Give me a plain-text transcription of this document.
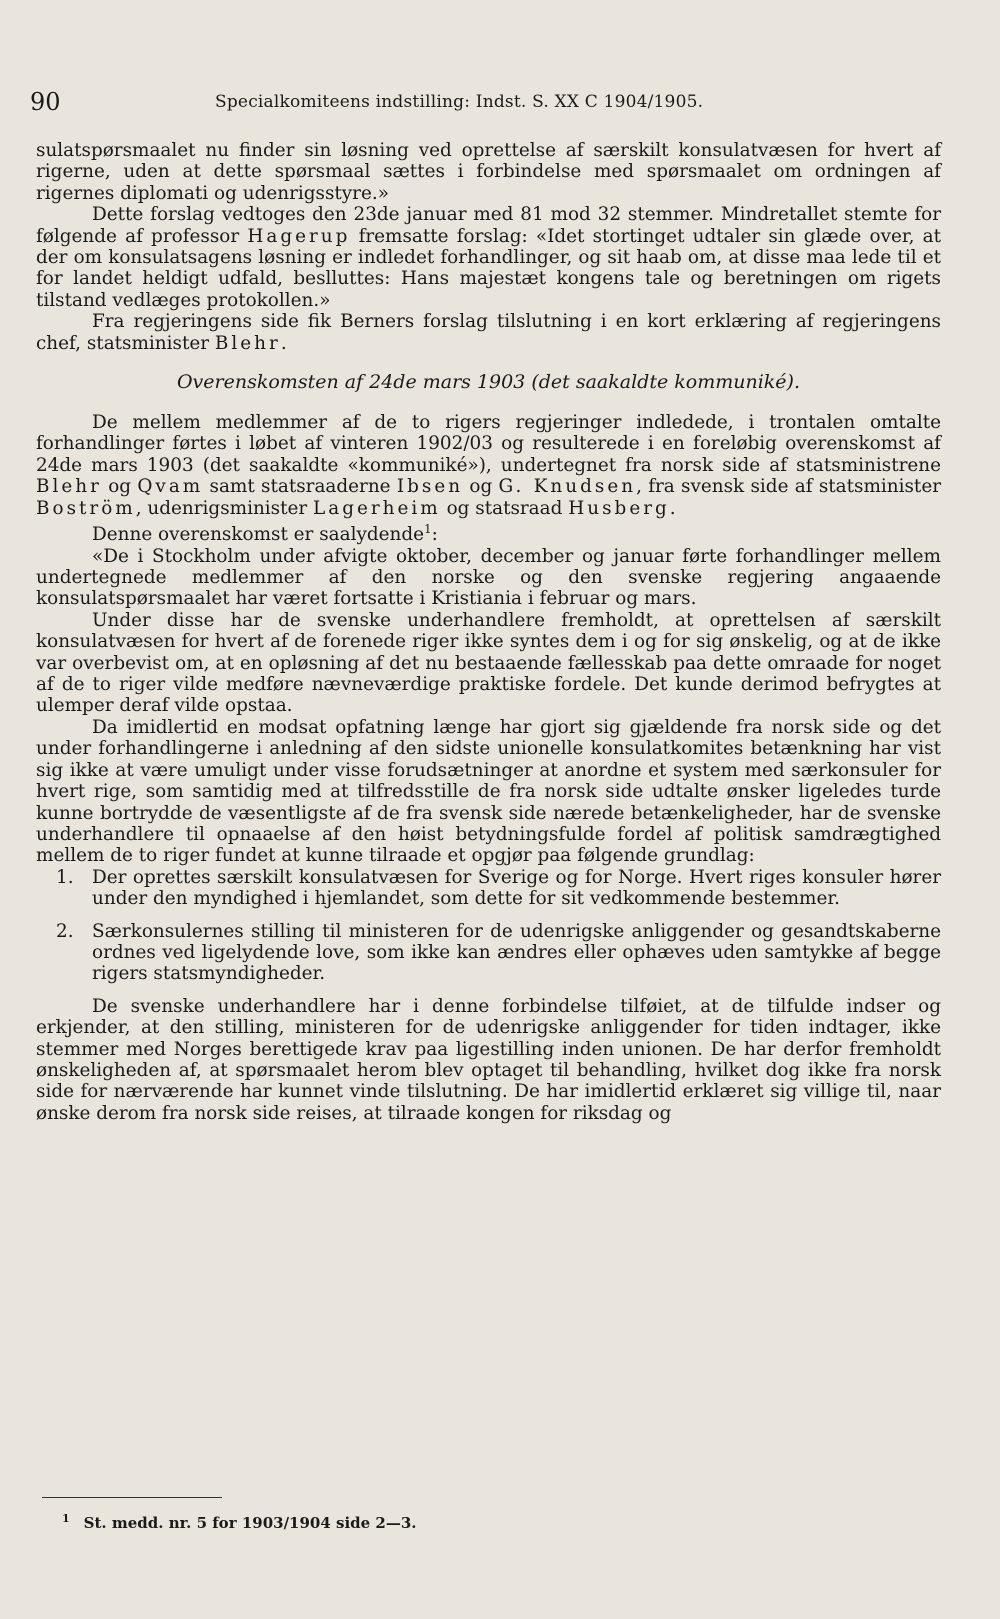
90	Specialkomiteens indstilling: Indst. S. XX C 1904/1905.

sulatspørsmaalet nu finder sin løsning ved oprettelse af særskilt konsulatvæsen for hvert af rigerne, uden at dette spørsmaal sættes i forbindelse med spørsmaalet om ordningen af rigernes diplomati og udenrigsstyre.»

Dette forslag vedtoges den 23de januar med 81 mod 32 stemmer. Mindretallet stemte for følgende af professor Hagerup fremsatte forslag: «Idet stortinget udtaler sin glæde over, at der om konsulatsagens løsning er indledet forhandlinger, og sit haab om, at disse maa lede til et for landet heldigt udfald, beslluttes: Hans majestæt kongens tale og beretningen om rigets tilstand vedlæges protokollen.»

Fra regjeringens side fik Berners forslag tilslutning i en kort erklæring af regjeringens chef, statsminister Blehr.

Overenskomsten af 24de mars 1903 (det saakaldte kommuniké).

De mellem medlemmer af de to rigers regjeringer indledede, i trontalen omtalte forhandlinger førtes i løbet af vinteren 1902/03 og resulterede i en foreløbig overenskomst af 24de mars 1903 (det saakaldte «kommuniké»), undertegnet fra norsk side af statsministrene Blehr og Qvam samt statsraaderne Ibsen og G. Knudsen, fra svensk side af statsminister Boström, udenrigsminister Lagerheim og statsraad Husberg.

Denne overenskomst er saalydende$^1$:

«De i Stockholm under afvigte oktober, december og januar førte forhandlinger mellem undertegnede medlemmer af den norske og den svenske regjering angaaende konsulatspørsmaalet har været fortsatte i Kristiania i februar og mars.

Under disse har de svenske underhandlere fremholdt, at oprettelsen af særskilt konsulatvæsen for hvert af de forenede riger ikke syntes dem i og for sig ønskelig, og at de ikke var overbevist om, at en opløsning af det nu bestaaende fællesskab paa dette omraade for noget af de to riger vilde medføre nævneværdige praktiske fordele. Det kunde derimod befrygtes at ulemper deraf vilde opstaa.

Da imidlertid en modsat opfatning længe har gjort sig gjældende fra norsk side og det under forhandlingerne i anledning af den sidste unionelle konsulatkomites betænkning har vist sig ikke at være umuligt under visse forudsætninger at anordne et system med særkonsuler for hvert rige, som samtidig med at tilfredsstille de fra norsk side udtalte ønsker ligeledes turde kunne bortrydde de væsentligste af de fra svensk side nærede betænkeligheder, har de svenske underhandlere til opnaaelse af den høist betydningsfulde fordel af politisk samdrægtighed mellem de to riger fundet at kunne tilraade et opgjør paa følgende grundlag:

1. Der oprettes særskilt konsulatvæsen for Sverige og for Norge. Hvert riges konsuler hører under den myndighed i hjemlandet, som dette for sit vedkommende bestemmer.
2. Særkonsulernes stilling til ministeren for de udenrigske anliggender og gesandtskaberne ordnes ved ligelydende love, som ikke kan ændres eller ophæves uden samtykke af begge rigers statsmyndigheder.

De svenske underhandlere har i denne forbindelse tilføiet, at de tilfulde indser og erkjender, at den stilling, ministeren for de udenrigske anliggender for tiden indtager, ikke stemmer med Norges berettigede krav paa ligestilling inden unionen. De har derfor fremholdt ønskeligheden af, at spørsmaalet herom blev optaget til behandling, hvilket dog ikke fra norsk side for nærværende har kunnet vinde tilslutning. De har imidlertid erklæret sig villige til, naar ønske derom fra norsk side reises, at tilraade kongen for riksdag og

$^1$ St. medd. nr. 5 for 1903/1904 side 2—3.
